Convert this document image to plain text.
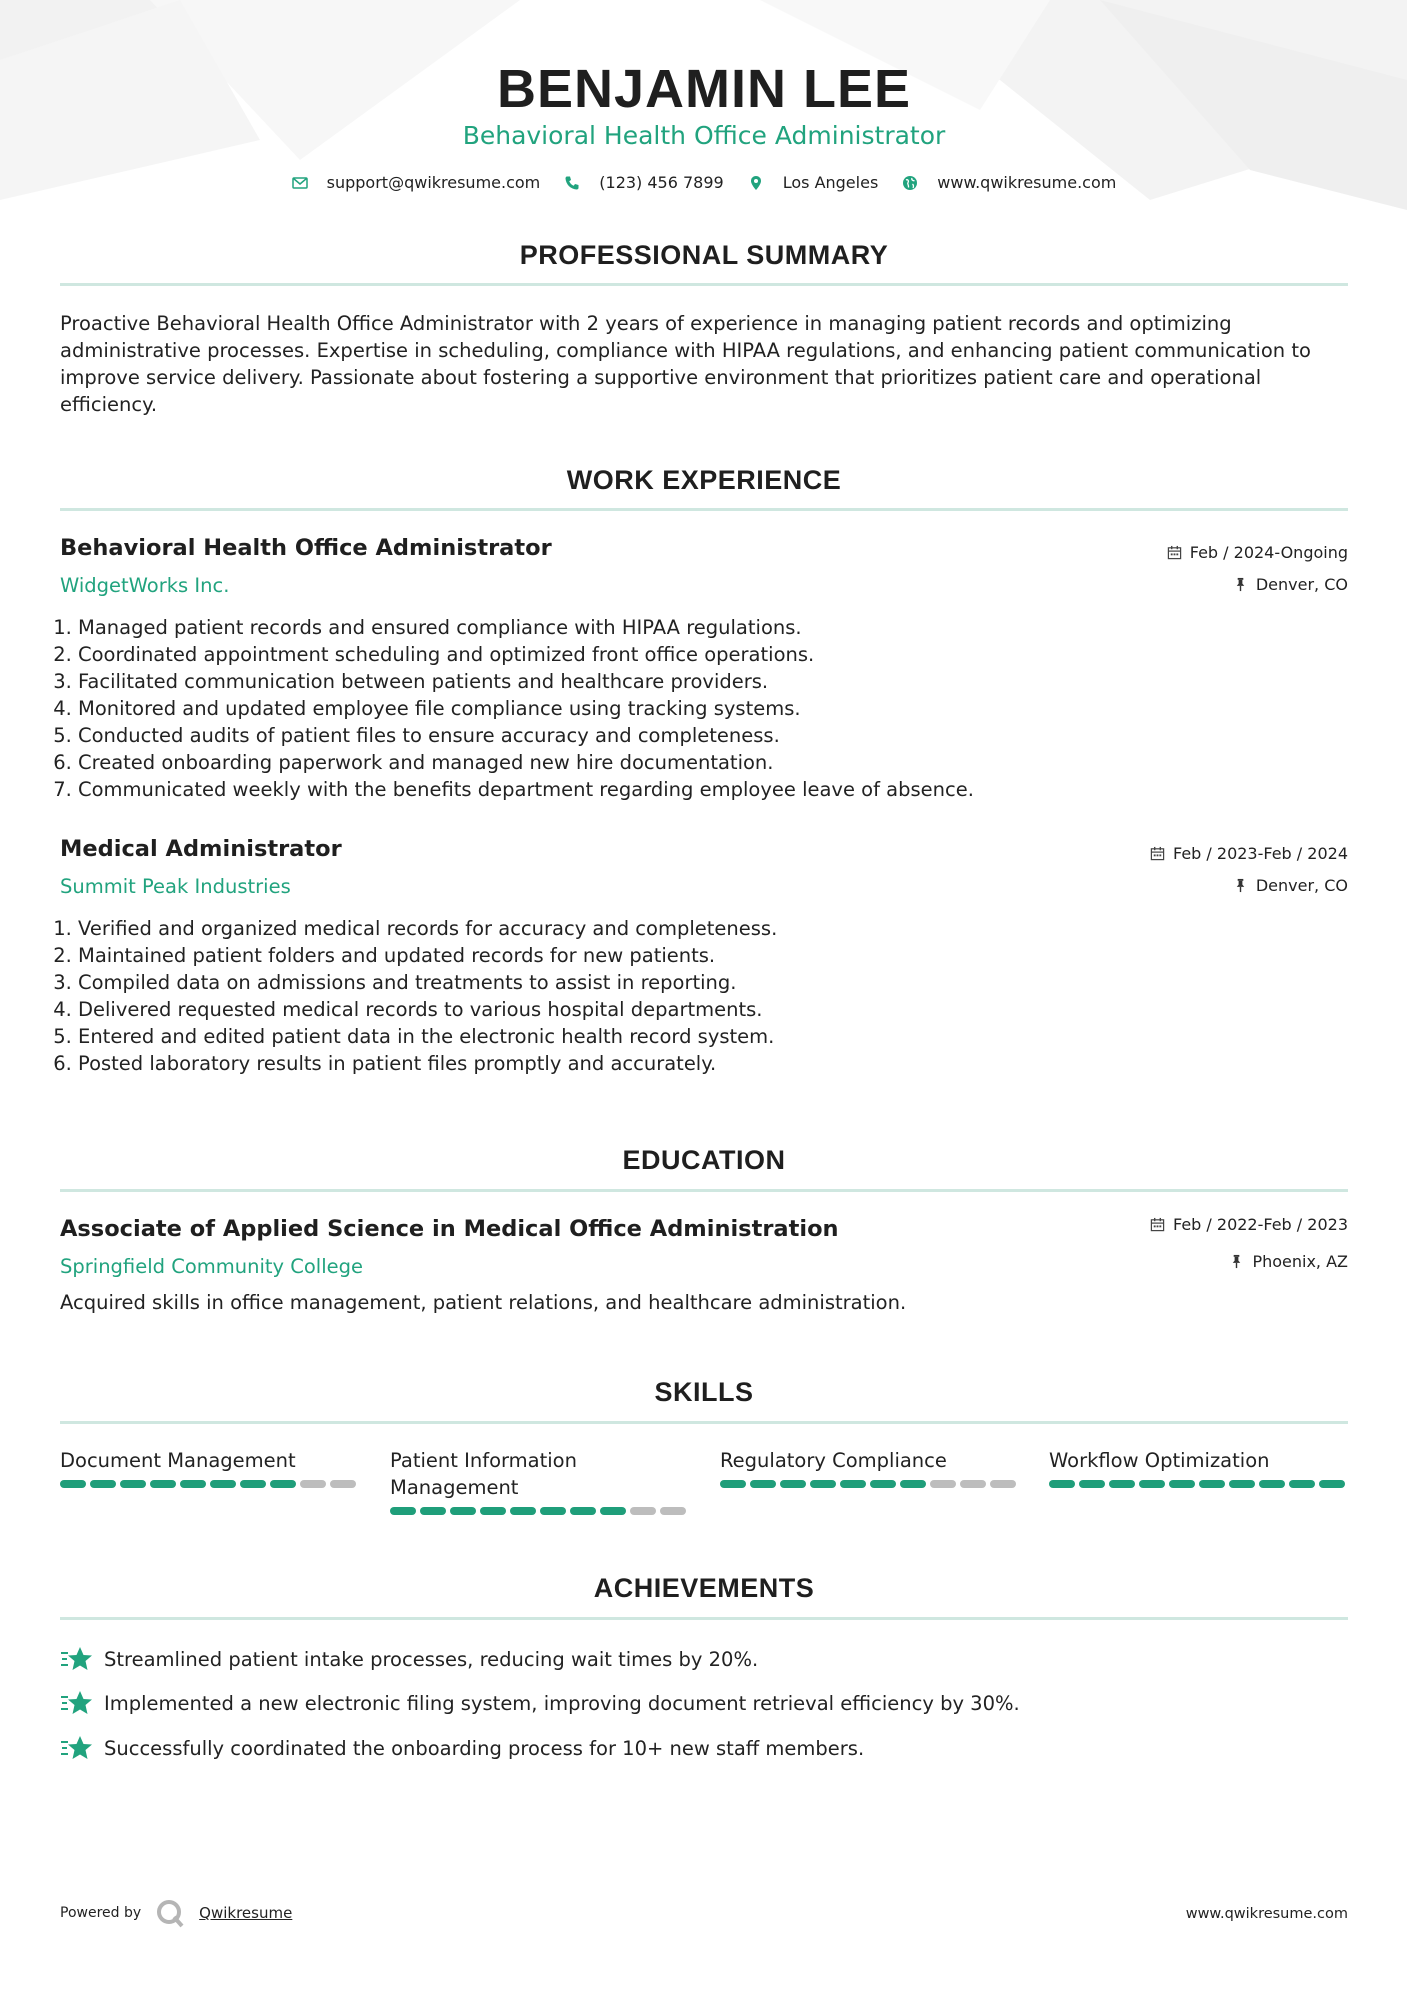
BENJAMIN LEE
Behavioral Health Office Administrator
support@qwikresume.com	(123) 456 7899	Los Angeles	www.qwikresume.com
PROFESSIONAL SUMMARY
Proactive Behavioral Health Office Administrator with 2 years of experience in managing patient records and optimizing administrative processes. Expertise in scheduling, compliance with HIPAA regulations, and enhancing patient communication to improve service delivery. Passionate about fostering a supportive environment that prioritizes patient care and operational efficiency.
WORK EXPERIENCE
Behavioral Health Office Administrator
WidgetWorks Inc.
Feb / 2024-Ongoing
Denver, CO
1. Managed patient records and ensured compliance with HIPAA regulations.
2. Coordinated appointment scheduling and optimized front office operations.
3. Facilitated communication between patients and healthcare providers.
4. Monitored and updated employee file compliance using tracking systems.
5. Conducted audits of patient files to ensure accuracy and completeness.
6. Created onboarding paperwork and managed new hire documentation.
7. Communicated weekly with the benefits department regarding employee leave of absence.
Medical Administrator
Summit Peak Industries
Feb / 2023-Feb / 2024
Denver, CO
1. Verified and organized medical records for accuracy and completeness.
2. Maintained patient folders and updated records for new patients.
3. Compiled data on admissions and treatments to assist in reporting.
4. Delivered requested medical records to various hospital departments.
5. Entered and edited patient data in the electronic health record system.
6. Posted laboratory results in patient files promptly and accurately.
EDUCATION
Associate of Applied Science in Medical Office Administration
Springfield Community College
Feb / 2022-Feb / 2023
Phoenix, AZ
Acquired skills in office management, patient relations, and healthcare administration.
SKILLS
Document Management	Patient Information Management
Regulatory Compliance	Workflow Optimization
ACHIEVEMENTS
Streamlined patient intake processes, reducing wait times by 20%.
Implemented a new electronic filing system, improving document retrieval efficiency by 30%.
Successfully coordinated the onboarding process for 10+ new staff members.
Powered by	Qwikresume	www.qwikresume.com
